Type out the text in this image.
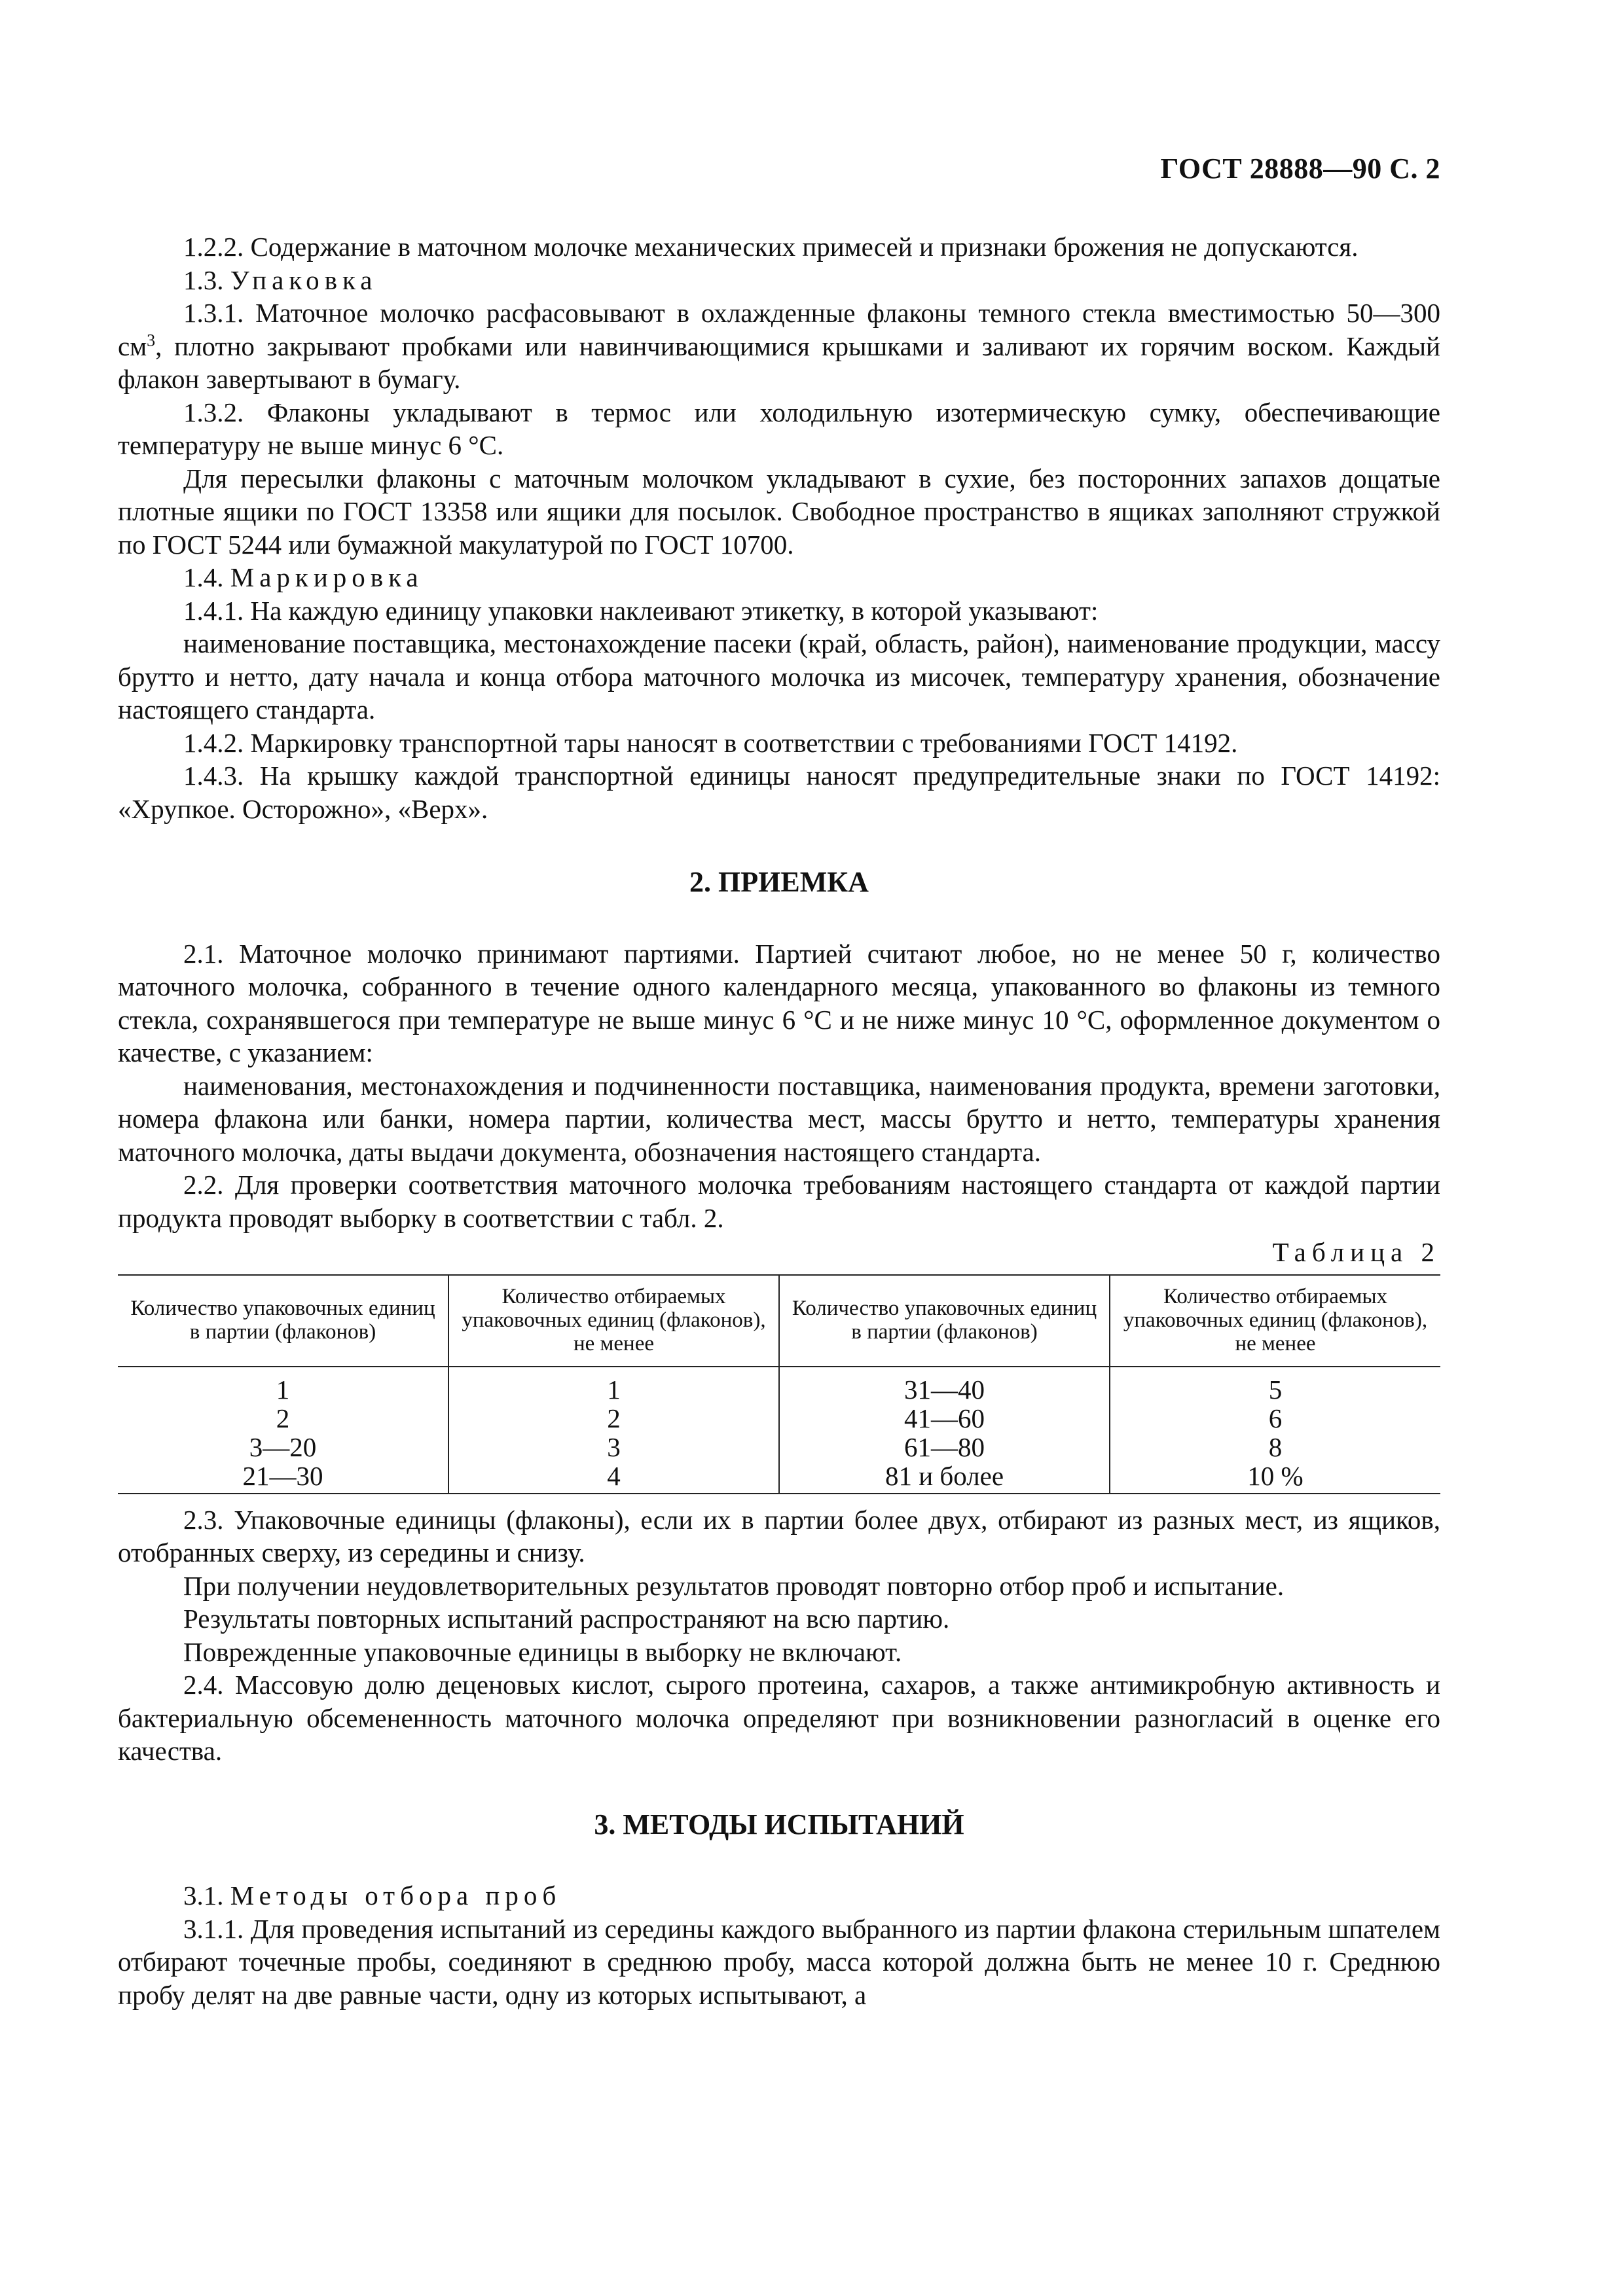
ГОСТ 28888—90 С. 2

1.2.2. Содержание в маточном молочке механических примесей и признаки брожения не допускаются.

1.3. Упаковка

1.3.1. Маточное молочко расфасовывают в охлажденные флаконы темного стекла вместимостью 50—300 $см^3$, плотно закрывают пробками или навинчивающимися крышками и заливают их горячим воском. Каждый флакон завертывают в бумагу.

1.3.2. Флаконы укладывают в термос или холодильную изотермическую сумку, обеспечивающие температуру не выше минус 6 °С.

Для пересылки флаконы с маточным молочком укладывают в сухие, без посторонних запахов дощатые плотные ящики по ГОСТ 13358 или ящики для посылок. Свободное пространство в ящиках заполняют стружкой по ГОСТ 5244 или бумажной макулатурой по ГОСТ 10700.

1.4. Маркировка

1.4.1. На каждую единицу упаковки наклеивают этикетку, в которой указывают:

наименование поставщика, местонахождение пасеки (край, область, район), наименование продукции, массу брутто и нетто, дату начала и конца отбора маточного молочка из мисочек, температуру хранения, обозначение настоящего стандарта.

1.4.2. Маркировку транспортной тары наносят в соответствии с требованиями ГОСТ 14192.

1.4.3. На крышку каждой транспортной единицы наносят предупредительные знаки по ГОСТ 14192: «Хрупкое. Осторожно», «Верх».

2. ПРИЕМКА

2.1. Маточное молочко принимают партиями. Партией считают любое, но не менее 50 г, количество маточного молочка, собранного в течение одного календарного месяца, упакованного во флаконы из темного стекла, сохранявшегося при температуре не выше минус 6 °С и не ниже минус 10 °С, оформленное документом о качестве, с указанием:

наименования, местонахождения и подчиненности поставщика, наименования продукта, времени заготовки, номера флакона или банки, номера партии, количества мест, массы брутто и нетто, температуры хранения маточного молочка, даты выдачи документа, обозначения настоящего стандарта.

2.2. Для проверки соответствия маточного молочка требованиям настоящего стандарта от каждой партии продукта проводят выборку в соответствии с табл. 2.

Таблица 2
Количество упаковочных единиц в партии (флаконов)	Количество отбираемых упаковочных единиц (флаконов), не менее	Количество упаковочных единиц в партии (флаконов)	Количество отбираемых упаковочных единиц (флаконов), не менее
1	1	31—40	5
2	2	41—60	6
3—20	3	61—80	8
21—30	4	81 и более	10 %

2.3. Упаковочные единицы (флаконы), если их в партии более двух, отбирают из разных мест, из ящиков, отобранных сверху, из середины и снизу.

При получении неудовлетворительных результатов проводят повторно отбор проб и испытание.

Результаты повторных испытаний распространяют на всю партию.

Поврежденные упаковочные единицы в выборку не включают.

2.4. Массовую долю деценовых кислот, сырого протеина, сахаров, а также антимикробную активность и бактериальную обсемененность маточного молочка определяют при возникновении разногласий в оценке его качества.

3. МЕТОДЫ ИСПЫТАНИЙ

3.1. Методы отбора проб

3.1.1. Для проведения испытаний из середины каждого выбранного из партии флакона стерильным шпателем отбирают точечные пробы, соединяют в среднюю пробу, масса которой должна быть не менее 10 г. Среднюю пробу делят на две равные части, одну из которых испытывают, а
